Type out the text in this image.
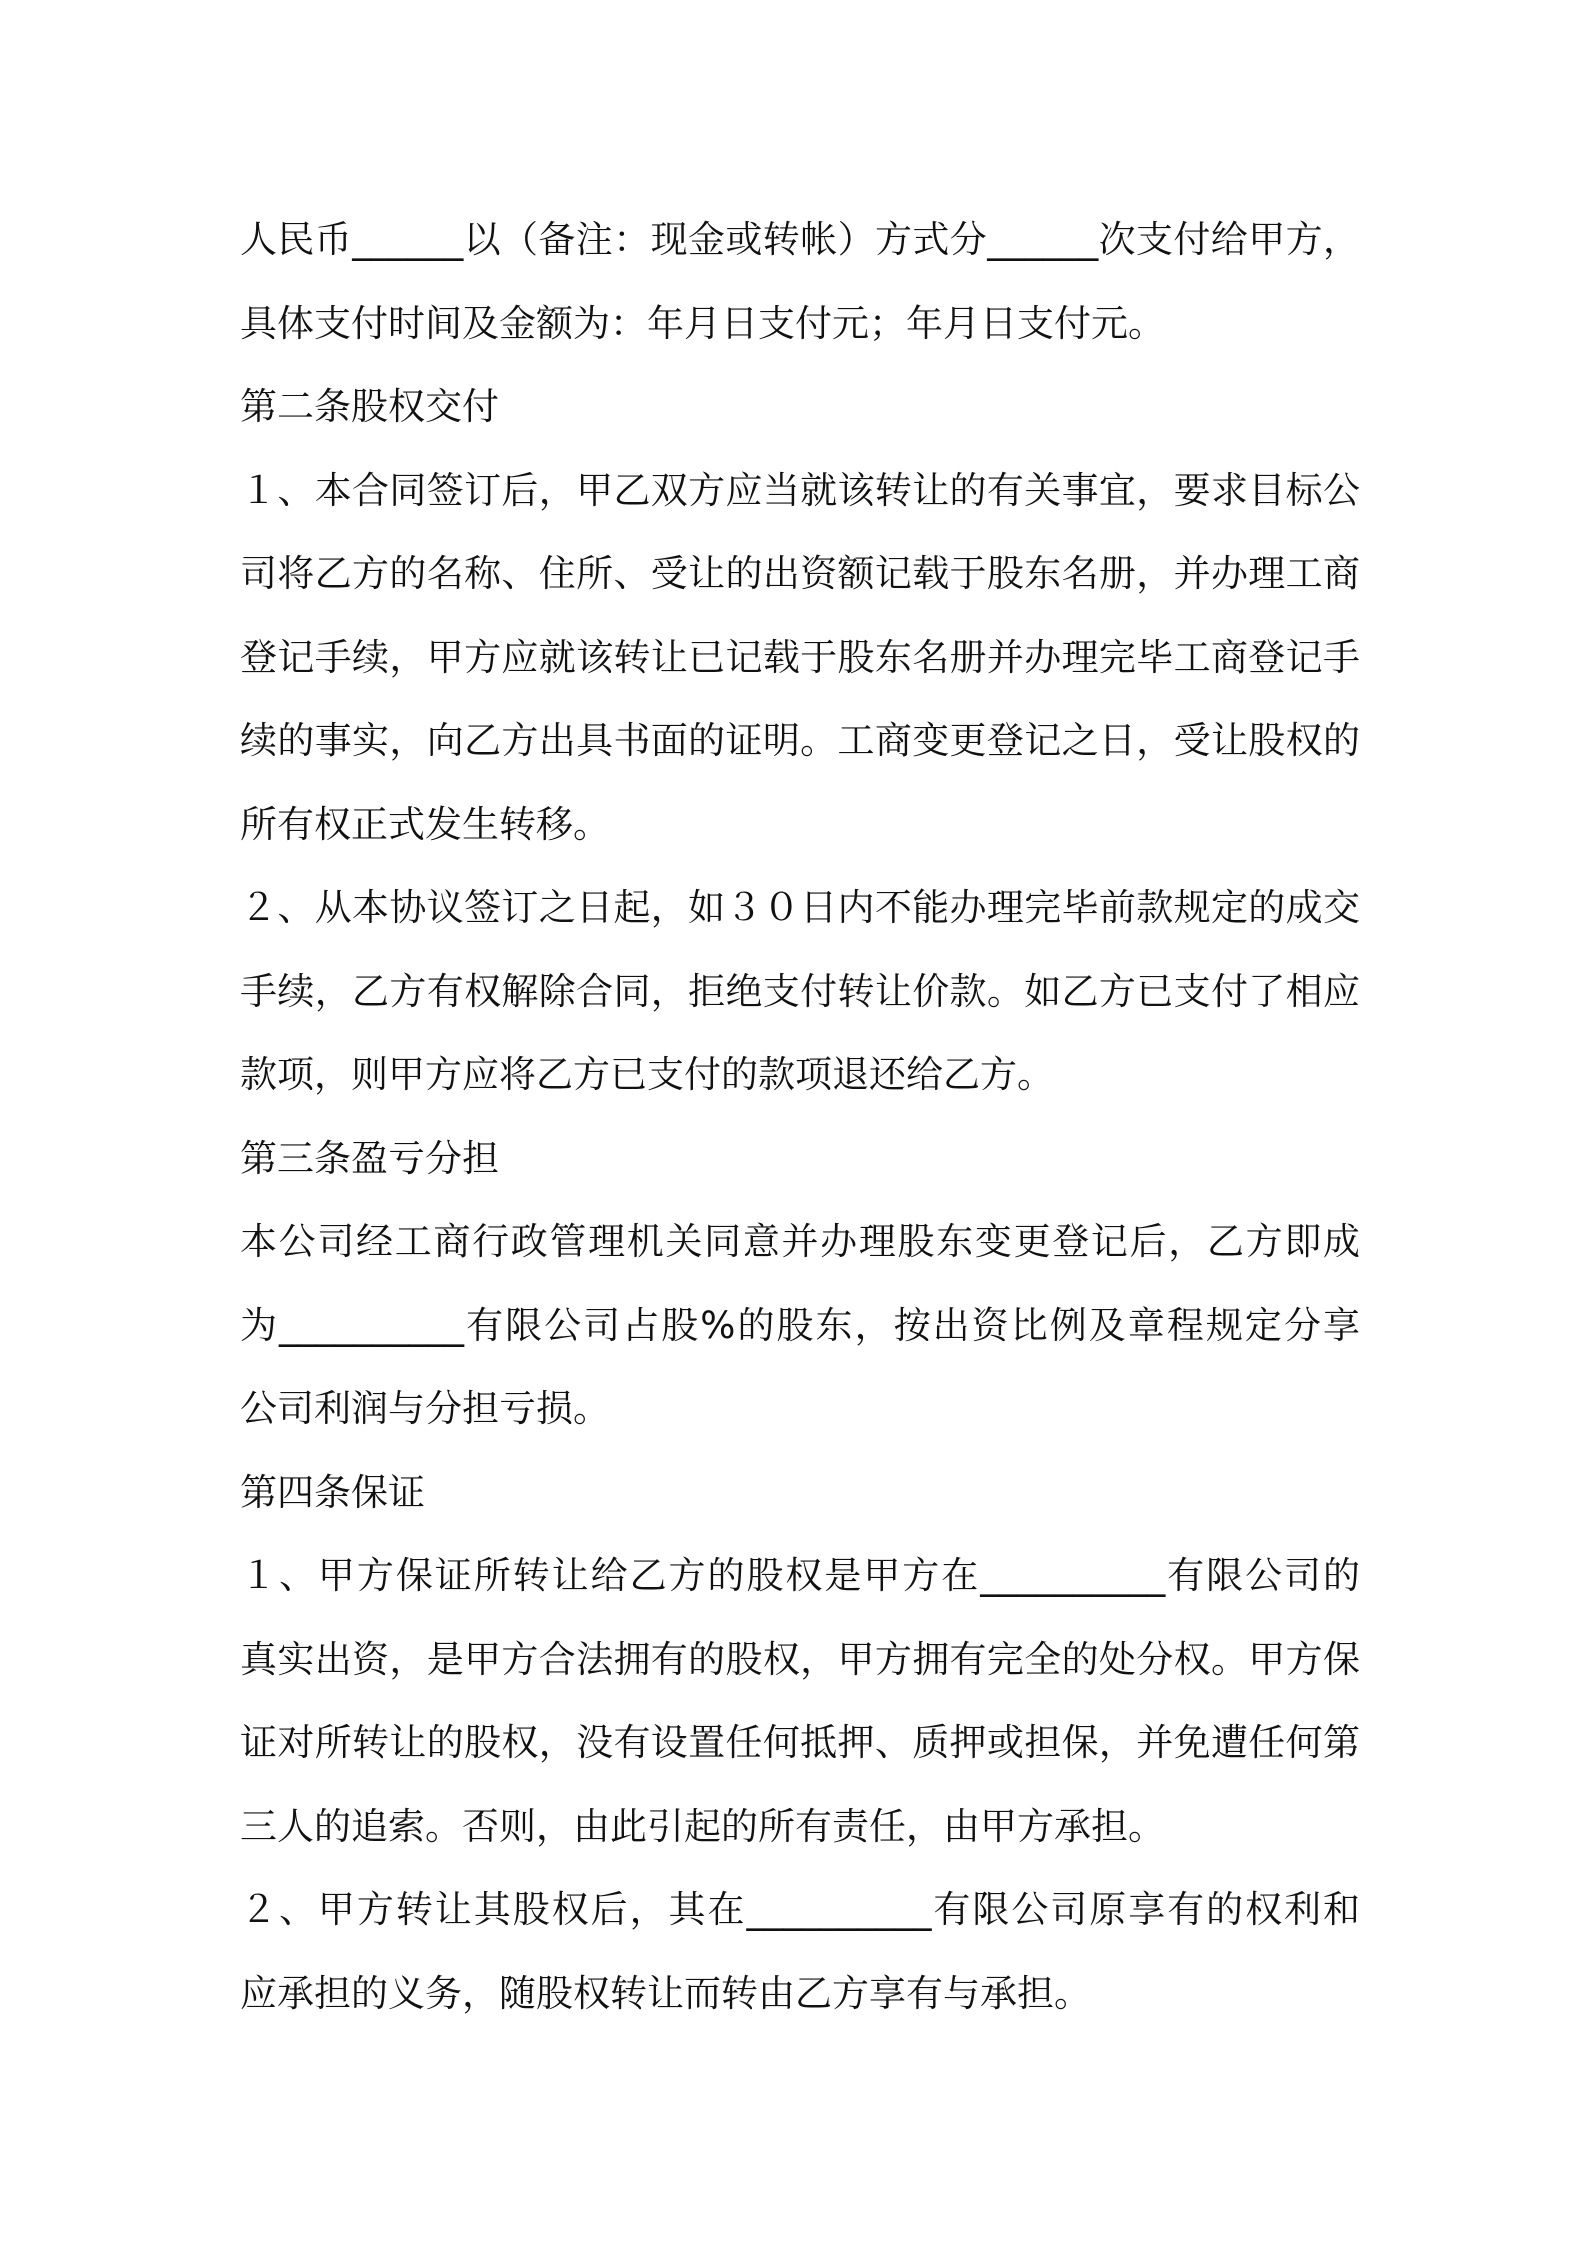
人民币______以（备注：现金或转帐）方式分______次支付给甲方，
具体支付时间及金额为：年月日支付元；年月日支付元。
第二条股权交付
１、本合同签订后，甲乙双方应当就该转让的有关事宜，要求目标公
司将乙方的名称、住所、受让的出资额记载于股东名册，并办理工商
登记手续，甲方应就该转让已记载于股东名册并办理完毕工商登记手
续的事实，向乙方出具书面的证明。工商变更登记之日，受让股权的
所有权正式发生转移。
２、从本协议签订之日起，如３０日内不能办理完毕前款规定的成交
手续，乙方有权解除合同，拒绝支付转让价款。如乙方已支付了相应
款项，则甲方应将乙方已支付的款项退还给乙方。
第三条盈亏分担
本公司经工商行政管理机关同意并办理股东变更登记后，乙方即成
为__________有限公司占股%的股东，按出资比例及章程规定分享
公司利润与分担亏损。
第四条保证
１、甲方保证所转让给乙方的股权是甲方在__________有限公司的
真实出资，是甲方合法拥有的股权，甲方拥有完全的处分权。甲方保
证对所转让的股权，没有设置任何抵押、质押或担保，并免遭任何第
三人的追索。否则，由此引起的所有责任，由甲方承担。
２、甲方转让其股权后，其在__________有限公司原享有的权利和
应承担的义务，随股权转让而转由乙方享有与承担。
